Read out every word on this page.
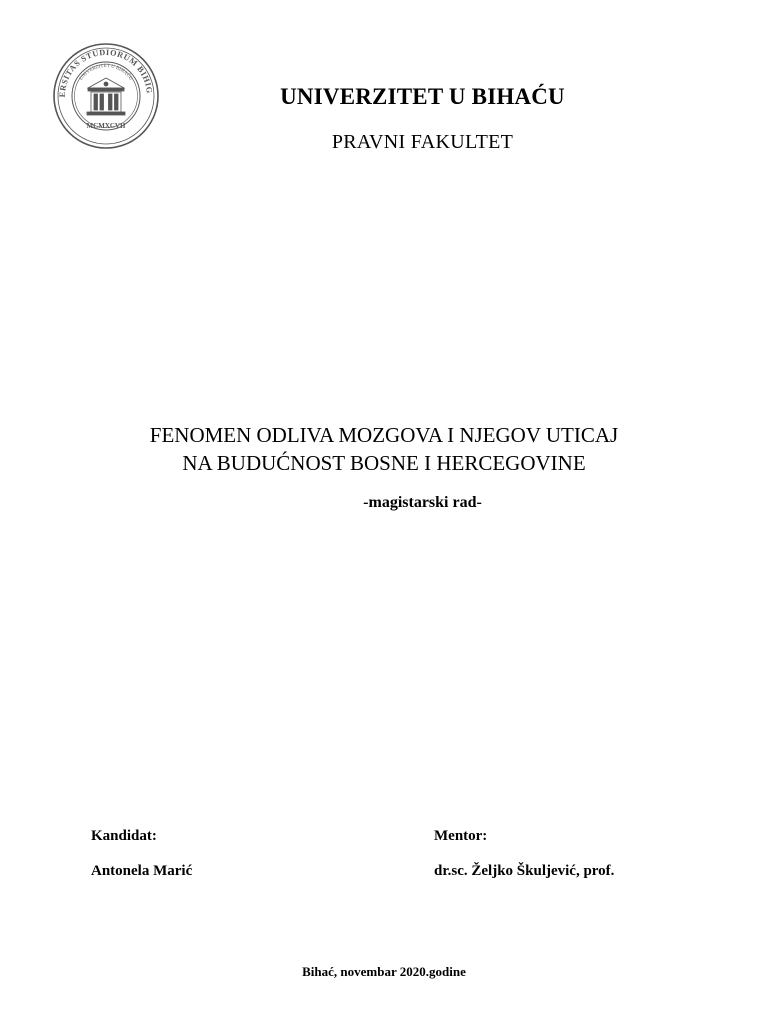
ERSITAS STUDIORUM BIHIG
UNIVERZITET U BIHAĆU
MCMXCVII
UNIVERZITET U BIHAĆU
PRAVNI FAKULTET
FENOMEN ODLIVA MOZGOVA I NJEGOV UTICAJ
NA BUDUĆNOST BOSNE I HERCEGOVINE
-magistarski rad-
Kandidat:
Antonela Marić
Mentor:
dr.sc. Željko Škuljević, prof.
Bihać, novembar 2020.godine
